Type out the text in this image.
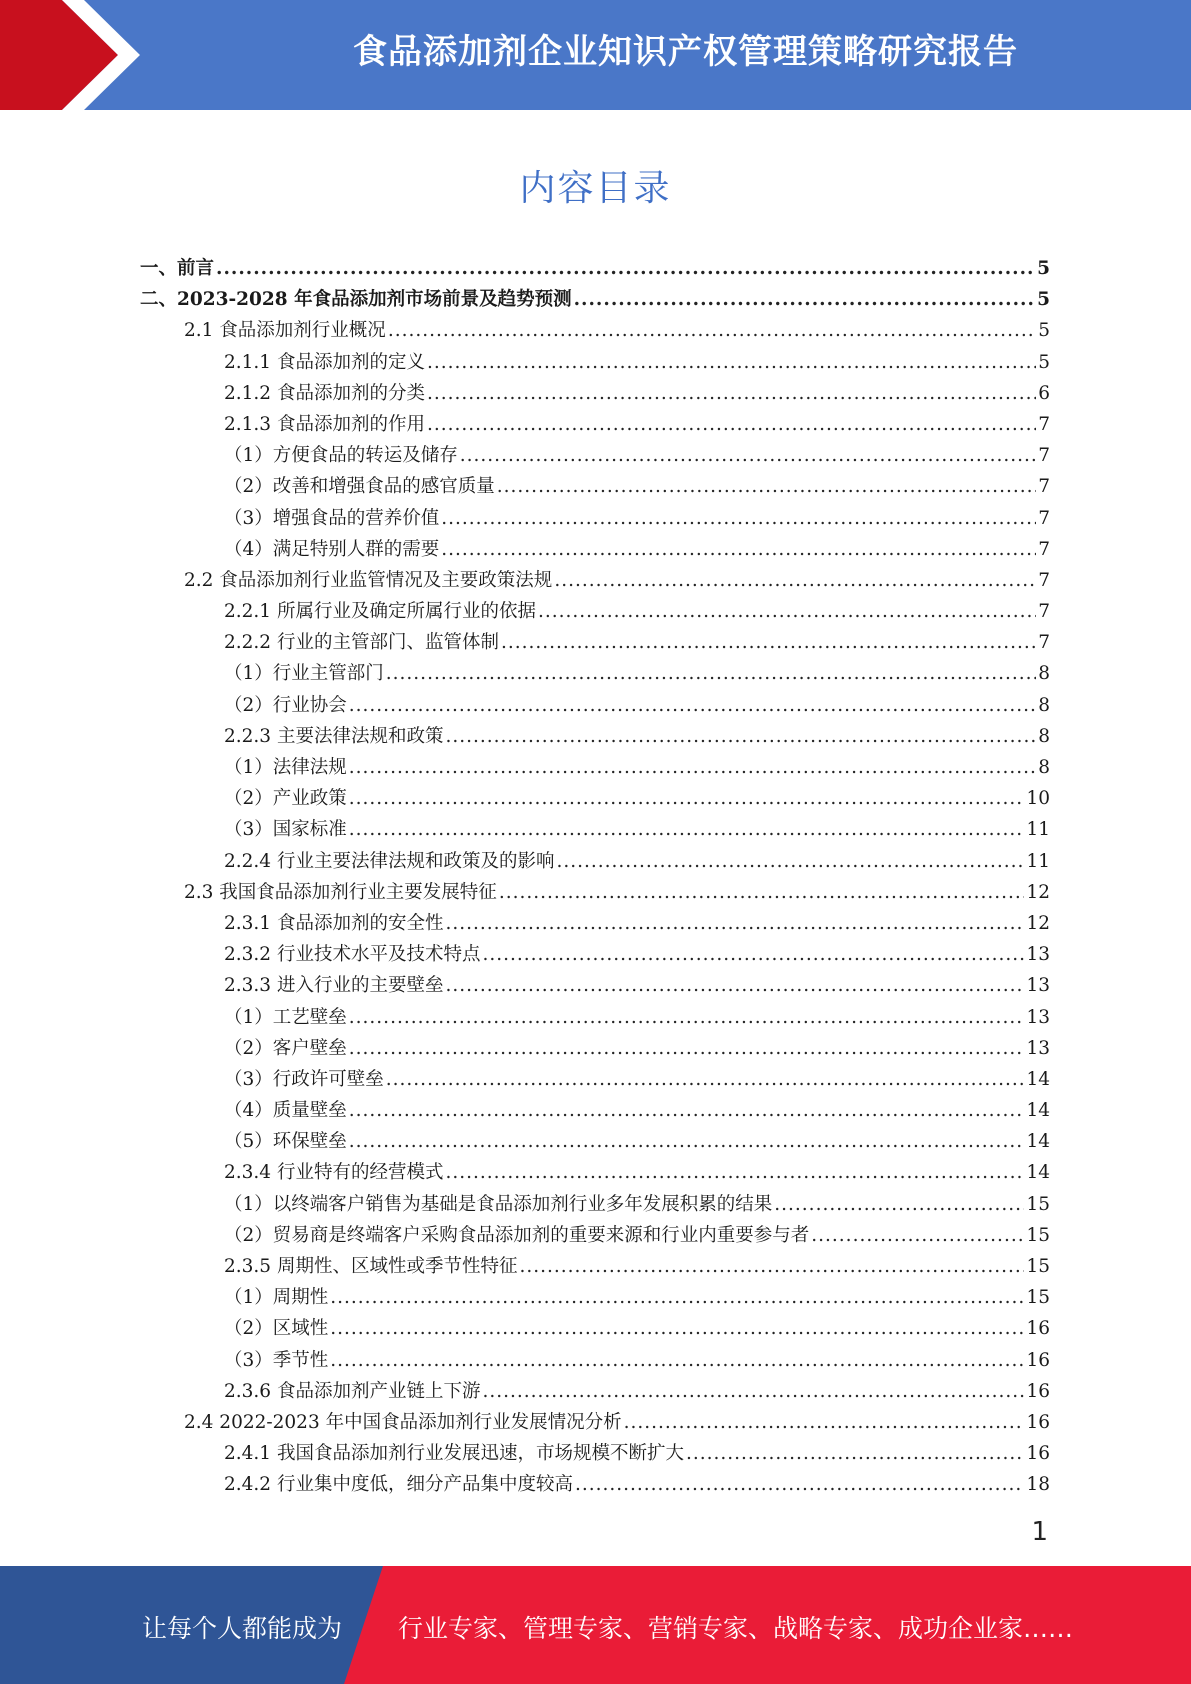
食品添加剂企业知识产权管理策略研究报告
内容目录
一、前言 .....	5
二、2023-2028 年食品添加剂市场前景及趋势预测 .....	5
2.1 食品添加剂行业概况 .....	5
2.1.1 食品添加剂的定义 .....	5
2.1.2 食品添加剂的分类 .....	6
2.1.3 食品添加剂的作用 .....	7
（1）方便食品的转运及储存 .....	7
（2）改善和增强食品的感官质量 .....	7
（3）增强食品的营养价值 .....	7
（4）满足特别人群的需要 .....	7
2.2 食品添加剂行业监管情况及主要政策法规 .....	7
2.2.1 所属行业及确定所属行业的依据 .....	7
2.2.2 行业的主管部门、监管体制 .....	7
（1）行业主管部门 .....	8
（2）行业协会 .....	8
2.2.3 主要法律法规和政策 .....	8
（1）法律法规 .....	8
（2）产业政策 .....	10
（3）国家标准 .....	11
2.2.4 行业主要法律法规和政策及的影响 .....	11
2.3 我国食品添加剂行业主要发展特征 .....	12
2.3.1 食品添加剂的安全性 .....	12
2.3.2 行业技术水平及技术特点 .....	13
2.3.3 进入行业的主要壁垒 .....	13
（1）工艺壁垒 .....	13
（2）客户壁垒 .....	13
（3）行政许可壁垒 .....	14
（4）质量壁垒 .....	14
（5）环保壁垒 .....	14
2.3.4 行业特有的经营模式 .....	14
（1）以终端客户销售为基础是食品添加剂行业多年发展积累的结果 .....	15
（2）贸易商是终端客户采购食品添加剂的重要来源和行业内重要参与者 .....	15
2.3.5 周期性、区域性或季节性特征 .....	15
（1）周期性 .....	15
（2）区域性 .....	16
（3）季节性 .....	16
2.3.6 食品添加剂产业链上下游 .....	16
2.4 2022-2023 年中国食品添加剂行业发展情况分析 .....	16
2.4.1 我国食品添加剂行业发展迅速，市场规模不断扩大 .....	16
2.4.2 行业集中度低，细分产品集中度较高 .....	18
1
让每个人都能成为 行业专家、管理专家、营销专家、战略专家、成功企业家……
